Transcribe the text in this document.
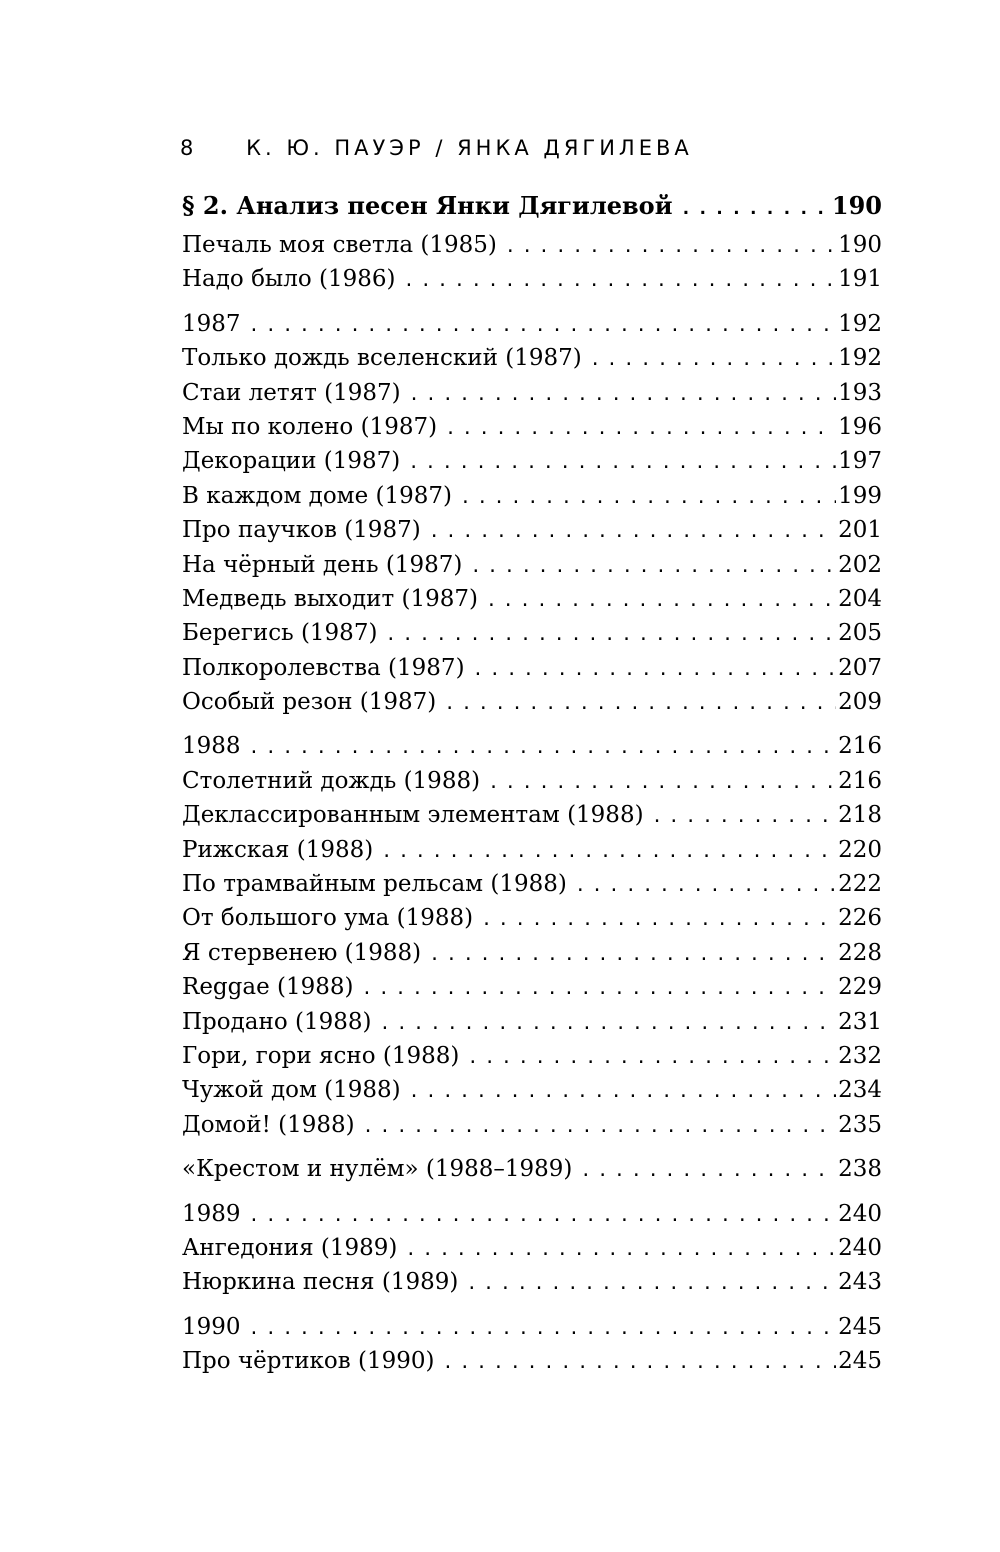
8	К. Ю. ПАУЭР / ЯНКА ДЯГИЛЕВА
§ 2. Анализ песен Янки Дягилевой .....	190
Печаль моя светла (1985) .....	190
Надо было (1986) .....	191
1987 .....	192
Только дождь вселенский (1987) .....	192
Стаи летят (1987) .....	193
Мы по колено (1987) .....	196
Декорации (1987) .....	197
В каждом доме (1987) .....	199
Про паучков (1987) .....	201
На чёрный день (1987) .....	202
Медведь выходит (1987) .....	204
Берегись (1987) .....	205
Полкоролевства (1987) .....	207
Особый резон (1987) .....	209
1988 .....	216
Столетний дождь (1988) .....	216
Деклассированным элементам (1988) .....	218
Рижская (1988) .....	220
По трамвайным рельсам (1988) .....	222
От большого ума (1988) .....	226
Я стервенею (1988) .....	228
Reggae (1988) .....	229
Продано (1988) .....	231
Гори, гори ясно (1988) .....	232
Чужой дом (1988) .....	234
Домой! (1988) .....	235
«Крестом и нулём» (1988–1989) .....	238
1989 .....	240
Ангедония (1989) .....	240
Нюркина песня (1989) .....	243
1990 .....	245
Про чёртиков (1990) .....	245
